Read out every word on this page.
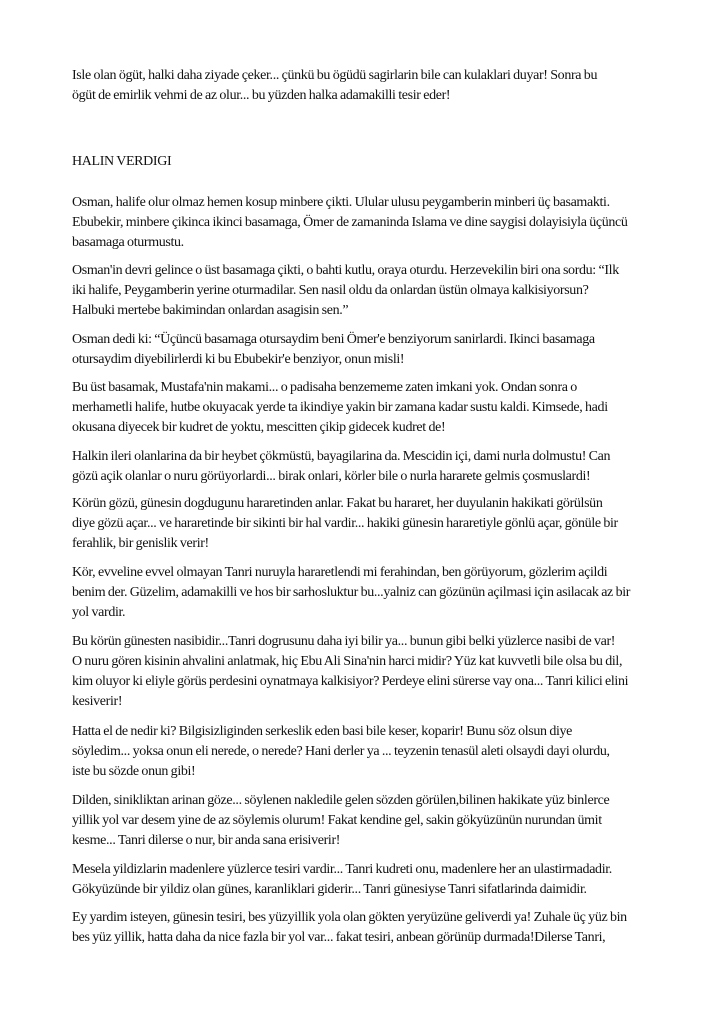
Isle olan ögüt, halki daha ziyade çeker... çünkü bu ögüdü sagirlarin bile can kulaklari duyar! Sonra bu
ögüt de emirlik vehmi de az olur... bu yüzden halka adamakilli tesir eder!

HALIN VERDIGI

Osman, halife olur olmaz hemen kosup minbere çikti. Ulular ulusu peygamberin minberi üç basamakti.
Ebubekir, minbere çikinca ikinci basamaga, Ömer de zamaninda Islama ve dine saygisi dolayisiyla üçüncü
basamaga oturmustu.

Osman'in devri gelince o üst basamaga çikti, o bahti kutlu, oraya oturdu. Herzevekilin biri ona sordu: “Ilk
iki halife, Peygamberin yerine oturmadilar. Sen nasil oldu da onlardan üstün olmaya kalkisiyorsun?
Halbuki mertebe bakimindan onlardan asagisin sen.”

Osman dedi ki: “Üçüncü basamaga otursaydim beni Ömer'e benziyorum sanirlardi. Ikinci basamaga
otursaydim diyebilirlerdi ki bu Ebubekir'e benziyor, onun misli!

Bu üst basamak, Mustafa'nin makami... o padisaha benzememe zaten imkani yok. Ondan sonra o
merhametli halife, hutbe okuyacak yerde ta ikindiye yakin bir zamana kadar sustu kaldi. Kimsede, hadi
okusana diyecek bir kudret de yoktu, mescitten çikip gidecek kudret de!

Halkin ileri olanlarina da bir heybet çökmüstü, bayagilarina da. Mescidin içi, dami nurla dolmustu! Can
gözü açik olanlar o nuru görüyorlardi... birak onlari, körler bile o nurla hararete gelmis çosmuslardi!

Körün gözü, günesin dogdugunu hararetinden anlar. Fakat bu hararet, her duyulanin hakikati görülsün
diye gözü açar... ve hararetinde bir sikinti bir hal vardir... hakiki günesin hararetiyle gönlü açar, gönüle bir
ferahlik, bir genislik verir!

Kör, evveline evvel olmayan Tanri nuruyla hararetlendi mi ferahindan, ben görüyorum, gözlerim açildi
benim der. Güzelim, adamakilli ve hos bir sarhosluktur bu...yalniz can gözünün açilmasi için asilacak az bir
yol vardir.

Bu körün günesten nasibidir...Tanri dogrusunu daha iyi bilir ya... bunun gibi belki yüzlerce nasibi de var!
O nuru gören kisinin ahvalini anlatmak, hiç Ebu Ali Sina'nin harci midir? Yüz kat kuvvetli bile olsa bu dil,
kim oluyor ki eliyle görüs perdesini oynatmaya kalkisiyor? Perdeye elini sürerse vay ona... Tanri kilici elini
kesiverir!

Hatta el de nedir ki? Bilgisizliginden serkeslik eden basi bile keser, koparir! Bunu söz olsun diye
söyledim... yoksa onun eli nerede, o nerede? Hani derler ya ... teyzenin tenasül aleti olsaydi dayi olurdu,
iste bu sözde onun gibi!

Dilden, sinikliktan arinan göze... söylenen nakledile gelen sözden görülen,bilinen hakikate yüz binlerce
yillik yol var desem yine de az söylemis olurum! Fakat kendine gel, sakin gökyüzünün nurundan ümit
kesme... Tanri dilerse o nur, bir anda sana erisiverir!

Mesela yildizlarin madenlere yüzlerce tesiri vardir... Tanri kudreti onu, madenlere her an ulastirmadadir.
Gökyüzünde bir yildiz olan günes, karanliklari giderir... Tanri günesiyse Tanri sifatlarinda daimidir.

Ey yardim isteyen, günesin tesiri, bes yüzyillik yola olan gökten yeryüzüne geliverdi ya! Zuhale üç yüz bin
bes yüz yillik, hatta daha da nice fazla bir yol var... fakat tesiri, anbean görünüp durmada!Dilerse Tanri,
